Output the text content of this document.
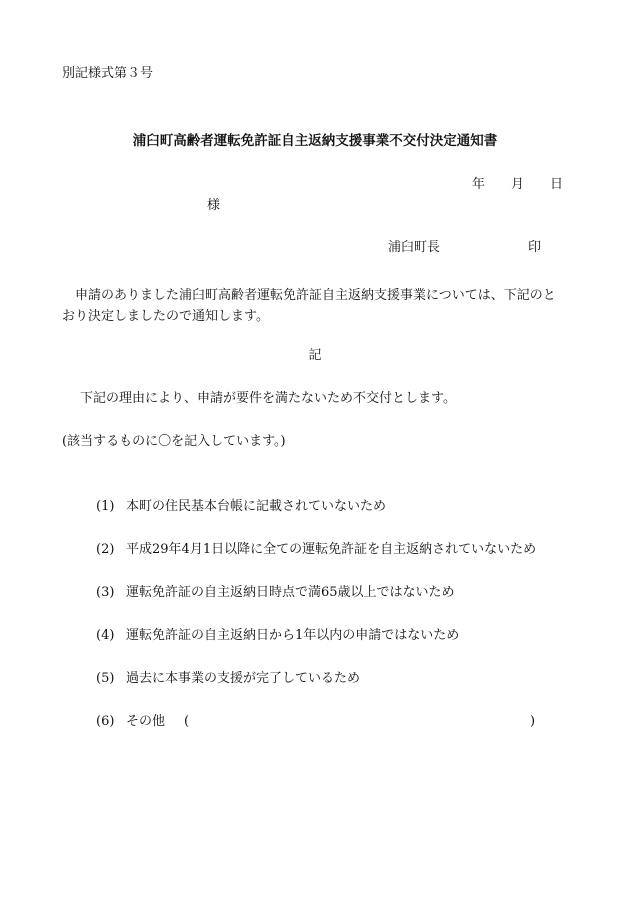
別記様式第３号
浦臼町高齢者運転免許証自主返納支援事業不交付決定通知書
年 月 日
様
浦臼町長	印
申請のありました浦臼町高齢者運転免許証自主返納支援事業については、下記のとおり決定しましたので通知します。
記
下記の理由により、申請が要件を満たないため不交付とします。
(該当するものに〇を記入しています。)
(1) 本町の住民基本台帳に記載されていないため
(2) 平成29年4月1日以降に全ての運転免許証を自主返納されていないため
(3) 運転免許証の自主返納日時点で満65歳以上ではないため
(4) 運転免許証の自主返納日から1年以内の申請ではないため
(5) 過去に本事業の支援が完了しているため
(6) その他 (	)
